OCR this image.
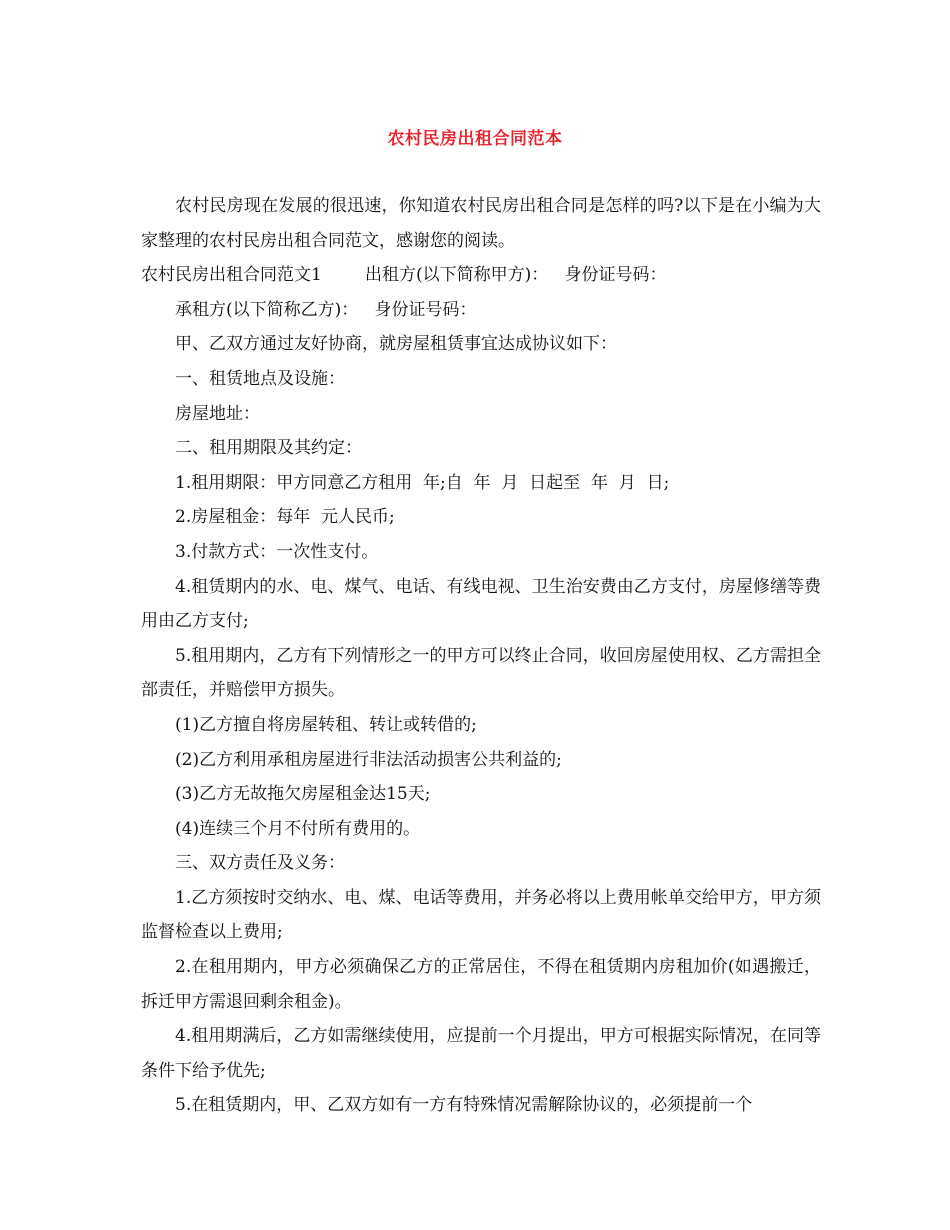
农村民房出租合同范本

农村民房现在发展的很迅速，你知道农村民房出租合同是怎样的吗?以下是在小编为大家整理的农村民房出租合同范文，感谢您的阅读。

农村民房出租合同范文1        出租方(以下简称甲方)：   身份证号码：

承租方(以下简称乙方)：   身份证号码：

甲、乙双方通过友好协商，就房屋租赁事宜达成协议如下：

一、租赁地点及设施：

房屋地址：

二、租用期限及其约定：

1.租用期限：甲方同意乙方租用  年;自  年  月  日起至  年  月  日;

2.房屋租金：每年  元人民币;

3.付款方式：一次性支付。

4.租赁期内的水、电、煤气、电话、有线电视、卫生治安费由乙方支付，房屋修缮等费用由乙方支付;

5.租用期内，乙方有下列情形之一的甲方可以终止合同，收回房屋使用权、乙方需担全部责任，并赔偿甲方损失。

(1)乙方擅自将房屋转租、转让或转借的;

(2)乙方利用承租房屋进行非法活动损害公共利益的;

(3)乙方无故拖欠房屋租金达15天;

(4)连续三个月不付所有费用的。

三、双方责任及义务：

1.乙方须按时交纳水、电、煤、电话等费用，并务必将以上费用帐单交给甲方，甲方须监督检查以上费用;

2.在租用期内，甲方必须确保乙方的正常居住，不得在租赁期内房租加价(如遇搬迁，拆迁甲方需退回剩余租金)。

4.租用期满后，乙方如需继续使用，应提前一个月提出，甲方可根据实际情况，在同等条件下给予优先;

5.在租赁期内，甲、乙双方如有一方有特殊情况需解除协议的，必须提前一个
